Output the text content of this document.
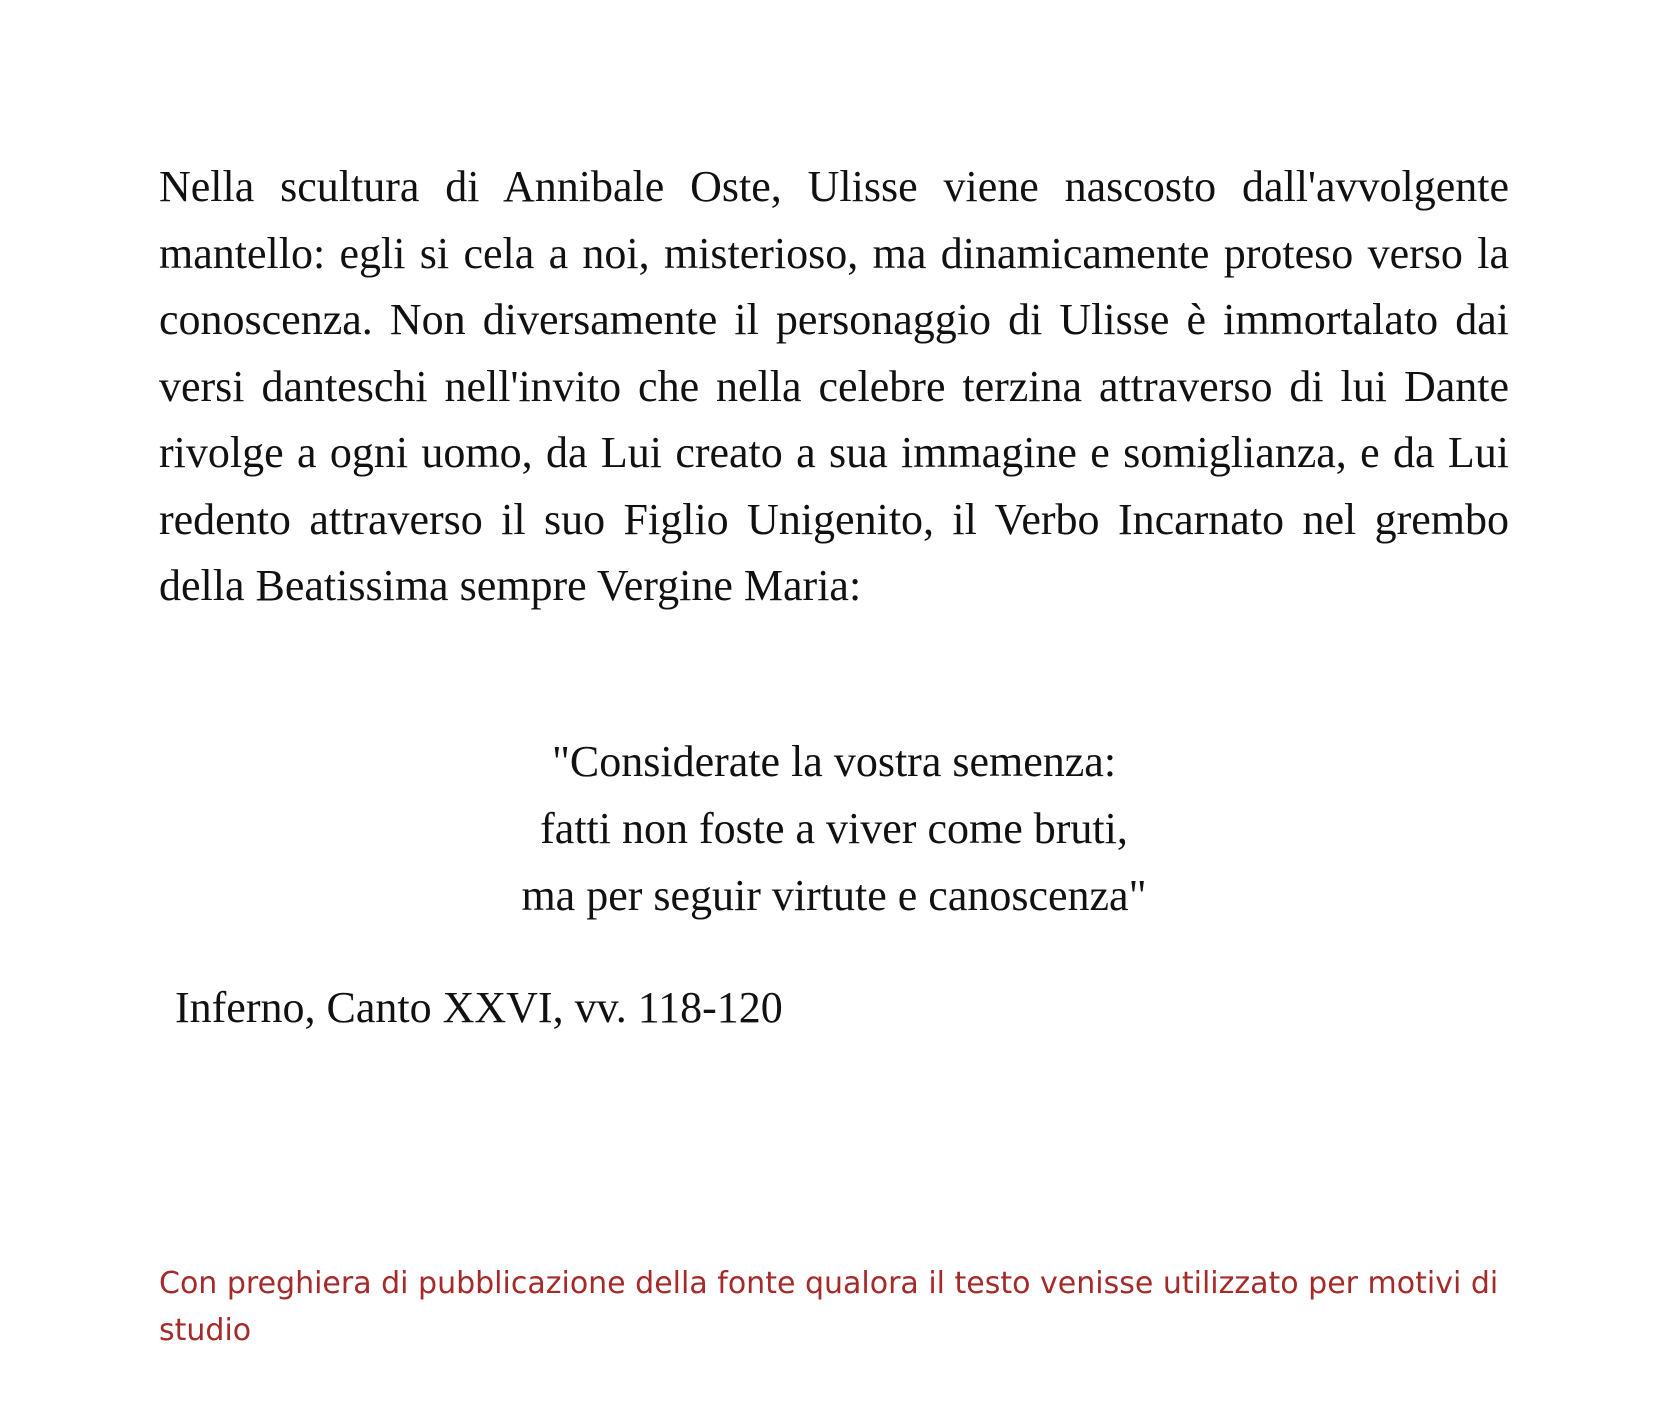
Nella scultura di Annibale Oste, Ulisse viene nascosto dall'avvolgente mantello: egli si cela a noi, misterioso, ma dinamicamente proteso verso la conoscenza. Non diversamente il personaggio di Ulisse è immortalato dai versi danteschi nell'invito che nella celebre terzina attraverso di lui Dante rivolge a ogni uomo, da Lui creato a sua immagine e somiglianza, e da Lui redento attraverso il suo Figlio Unigenito, il Verbo Incarnato nel grembo della Beatissima sempre Vergine Maria:

"Considerate la vostra semenza:
fatti non foste a viver come bruti,
ma per seguir virtute e canoscenza"
Inferno, Canto XXVI, vv. 118-120

Con preghiera di pubblicazione della fonte qualora il testo venisse utilizzato per motivi di studio
